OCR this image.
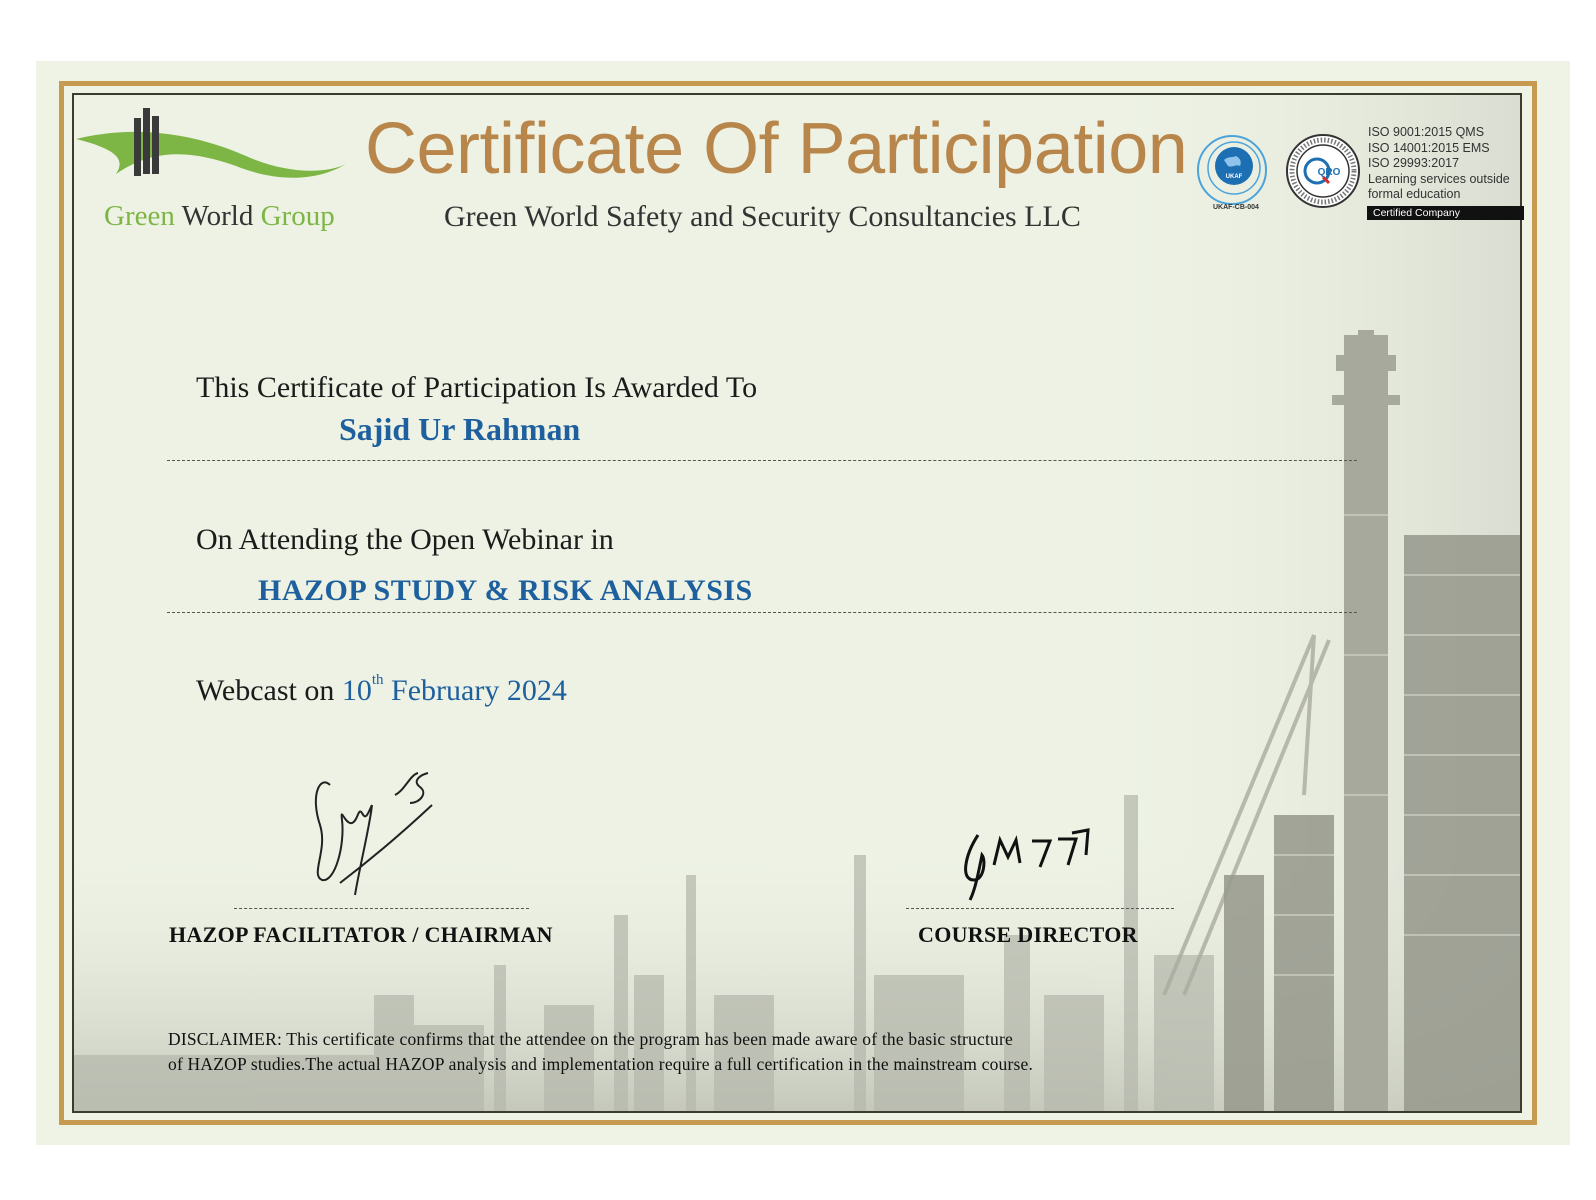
Green World Group
Certificate Of Participation
Green World Safety and Security Consultancies LLC
UKAF
UKAF-CB-004
QRO
ISO 9001:2015 QMS
ISO 14001:2015 EMS
ISO 29993:2017
Learning services outside
formal education
Certified Company
This Certificate of Participation Is Awarded To
Sajid Ur Rahman
On Attending the Open Webinar in
HAZOP STUDY & RISK ANALYSIS
Webcast on 10th February 2024
HAZOP FACILITATOR / CHAIRMAN	COURSE DIRECTOR
DISCLAIMER: This certificate confirms that the attendee on the program has been made aware of the basic structure
of HAZOP studies.The actual HAZOP analysis and implementation require a full certification in the mainstream course.
